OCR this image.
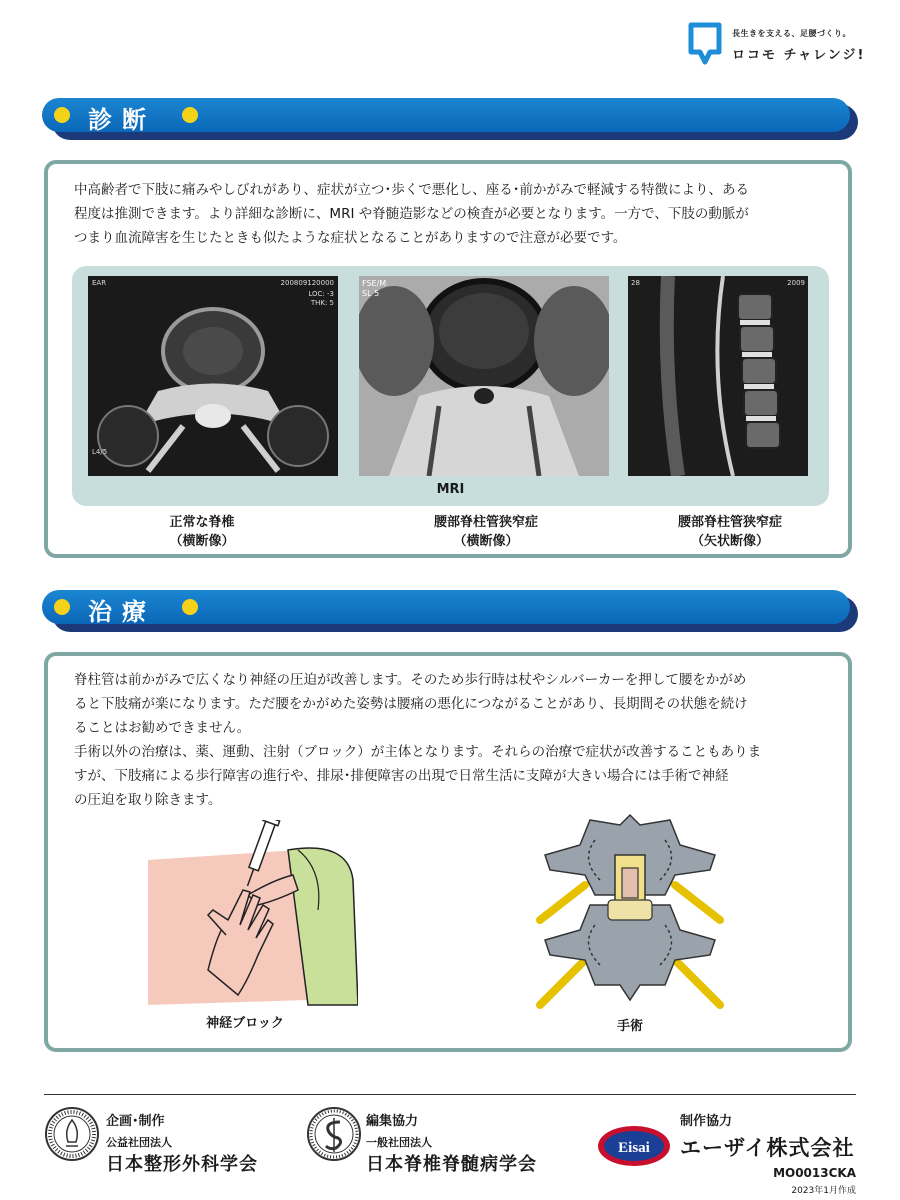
長生きを支える、足腰づくり。
ロコモ チャレンジ!
診断
中高齢者で下肢に痛みやしびれがあり、症状が立つ･歩くで悪化し、座る･前かがみで軽減する特徴により、ある
程度は推測できます。より詳細な診断に、MRI や脊髄造影などの検査が必要となります。一方で、下肢の動脈が
つまり血流障害を生じたときも似たような症状となることがありますので注意が必要です。
EAR	200809120000
LOC: -3
THK: 5
L4/5
FSE/M
SL 5
28	2009
MRI
正常な脊椎
（横断像）
腰部脊柱管狭窄症
（横断像）
腰部脊柱管狭窄症
（矢状断像）
治療
脊柱管は前かがみで広くなり神経の圧迫が改善します。そのため歩行時は杖やシルバーカーを押して腰をかがめ
ると下肢痛が楽になります。ただ腰をかがめた姿勢は腰痛の悪化につながることがあり、長期間その状態を続け
ることはお勧めできません。
手術以外の治療は、薬、運動、注射（ブロック）が主体となります。それらの治療で症状が改善することもありま
すが、下肢痛による歩行障害の進行や、排尿･排便障害の出現で日常生活に支障が大きい場合には手術で神経
の圧迫を取り除きます。
神経ブロック	手術
企画･制作
公益社団法人
日本整形外科学会
編集協力
一般社団法人
日本脊椎脊髄病学会
制作協力
Eisai エーザイ株式会社
MO0013CKA
2023年1月作成
